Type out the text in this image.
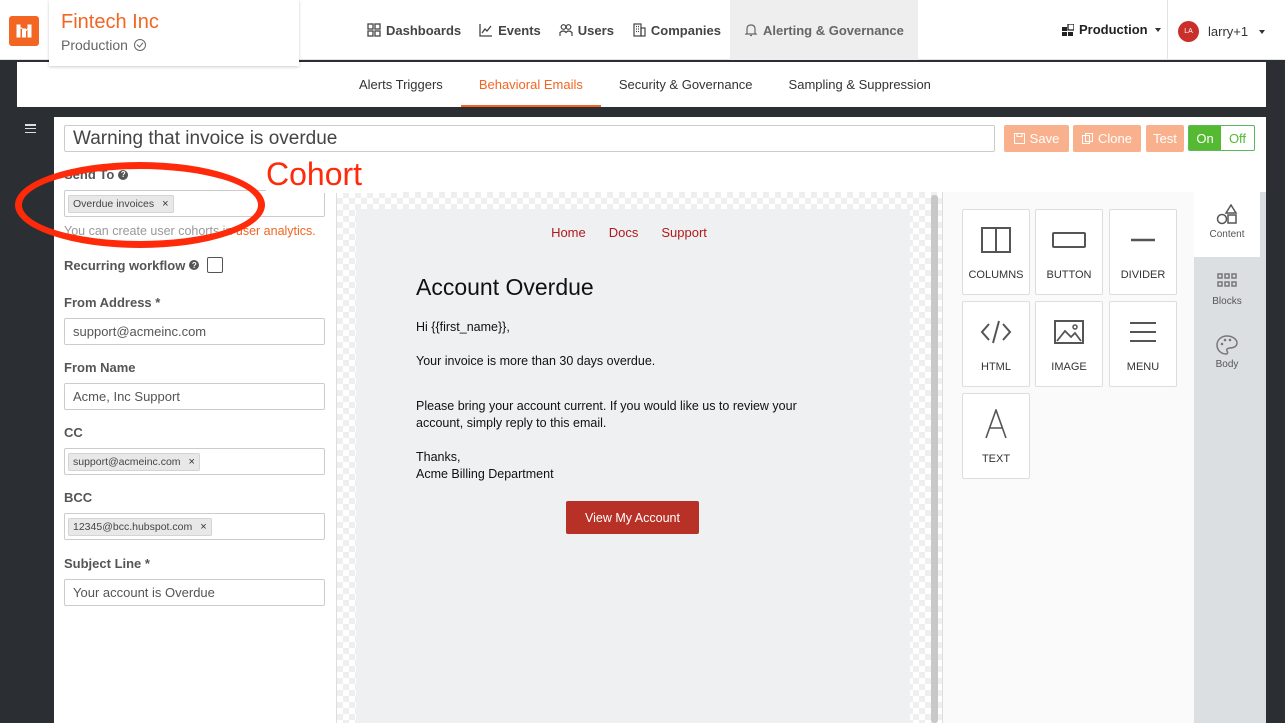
Fintech Inc
Production
Dashboards	Events	Users	Companies	Alerting & Governance	Production	LA	larry+1
Alerts Triggers	Behavioral Emails	Security & Governance	Sampling & Suppression
Warning that invoice is overdue	Save	Clone	Test	On	Off
Send To ?
Overdue invoices ×
You can create user cohorts in user analytics.
Recurring workflow ?
From Address *
support@acmeinc.com
From Name
Acme, Inc Support
CC
support@acmeinc.com ×
BCC
12345@bcc.hubspot.com ×
Subject Line *
Your account is Overdue
Home Docs Support
Account Overdue
Hi {{first_name}},
Your invoice is more than 30 days overdue.
Please bring your account current. If you would like us to review your account, simply reply to this email.
Thanks,
Acme Billing Department
View My Account
COLUMNS BUTTON	DIVIDER
HTML	IMAGE	MENU
TEXT
Content
Blocks
Body
Cohort
